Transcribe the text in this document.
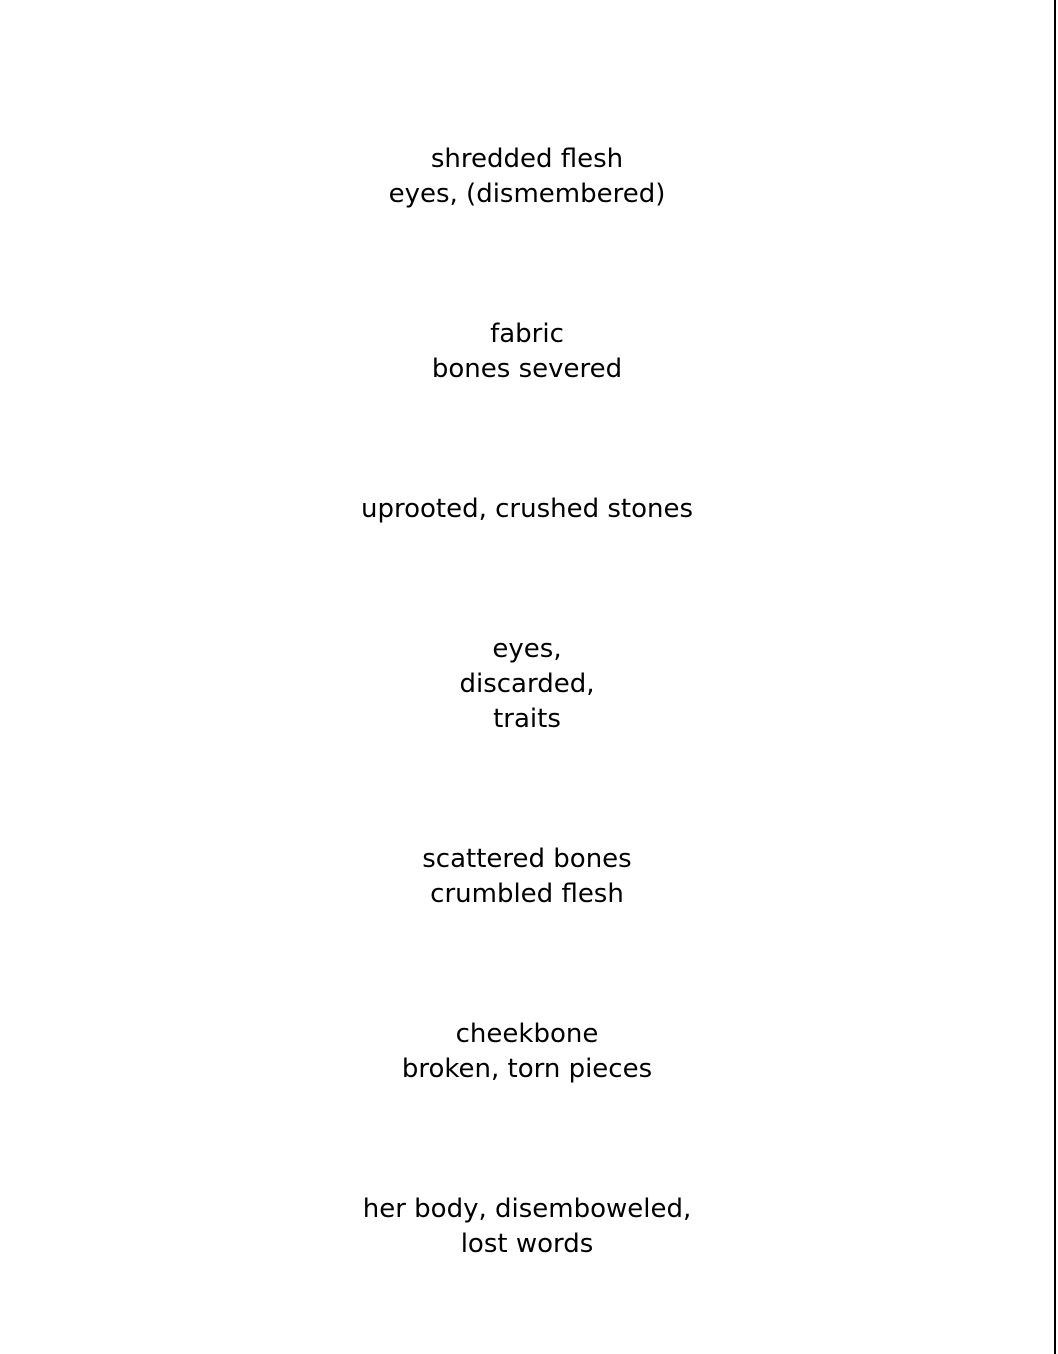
shredded flesh
eyes, (dismembered)
fabric
bones severed
uprooted, crushed stones
eyes,
discarded,
traits
scattered bones
crumbled flesh
cheekbone
broken, torn pieces
her body, disemboweled,
lost words
